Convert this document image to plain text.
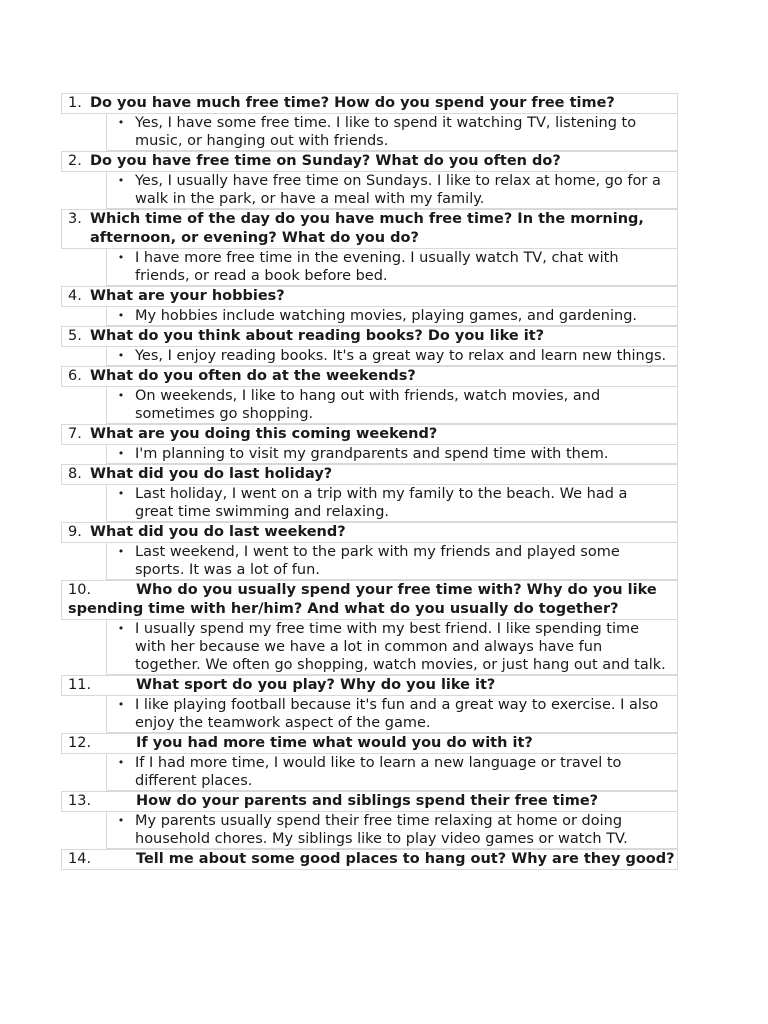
1. Do you have much free time? How do you spend your free time?
• Yes, I have some free time. I like to spend it watching TV, listening to music, or hanging out with friends.
2. Do you have free time on Sunday? What do you often do?
• Yes, I usually have free time on Sundays. I like to relax at home, go for a walk in the park, or have a meal with my family.
3. Which time of the day do you have much free time? In the morning, afternoon, or evening? What do you do?
• I have more free time in the evening. I usually watch TV, chat with friends, or read a book before bed.
4. What are your hobbies?
• My hobbies include watching movies, playing games, and gardening.
5. What do you think about reading books? Do you like it?
• Yes, I enjoy reading books. It's a great way to relax and learn new things.
6. What do you often do at the weekends?
• On weekends, I like to hang out with friends, watch movies, and sometimes go shopping.
7. What are you doing this coming weekend?
• I'm planning to visit my grandparents and spend time with them.
8. What did you do last holiday?
• Last holiday, I went on a trip with my family to the beach. We had a great time swimming and relaxing.
9. What did you do last weekend?
• Last weekend, I went to the park with my friends and played some sports. It was a lot of fun.
10.	Who do you usually spend your free time with? Why do you like spending time with her/him? And what do you usually do together?
• I usually spend my free time with my best friend. I like spending time with her because we have a lot in common and always have fun together. We often go shopping, watch movies, or just hang out and talk.
11.	What sport do you play? Why do you like it?
• I like playing football because it's fun and a great way to exercise. I also enjoy the teamwork aspect of the game.
12.	If you had more time what would you do with it?
• If I had more time, I would like to learn a new language or travel to different places.
13.	How do your parents and siblings spend their free time?
• My parents usually spend their free time relaxing at home or doing household chores. My siblings like to play video games or watch TV.
14.	Tell me about some good places to hang out? Why are they good?
